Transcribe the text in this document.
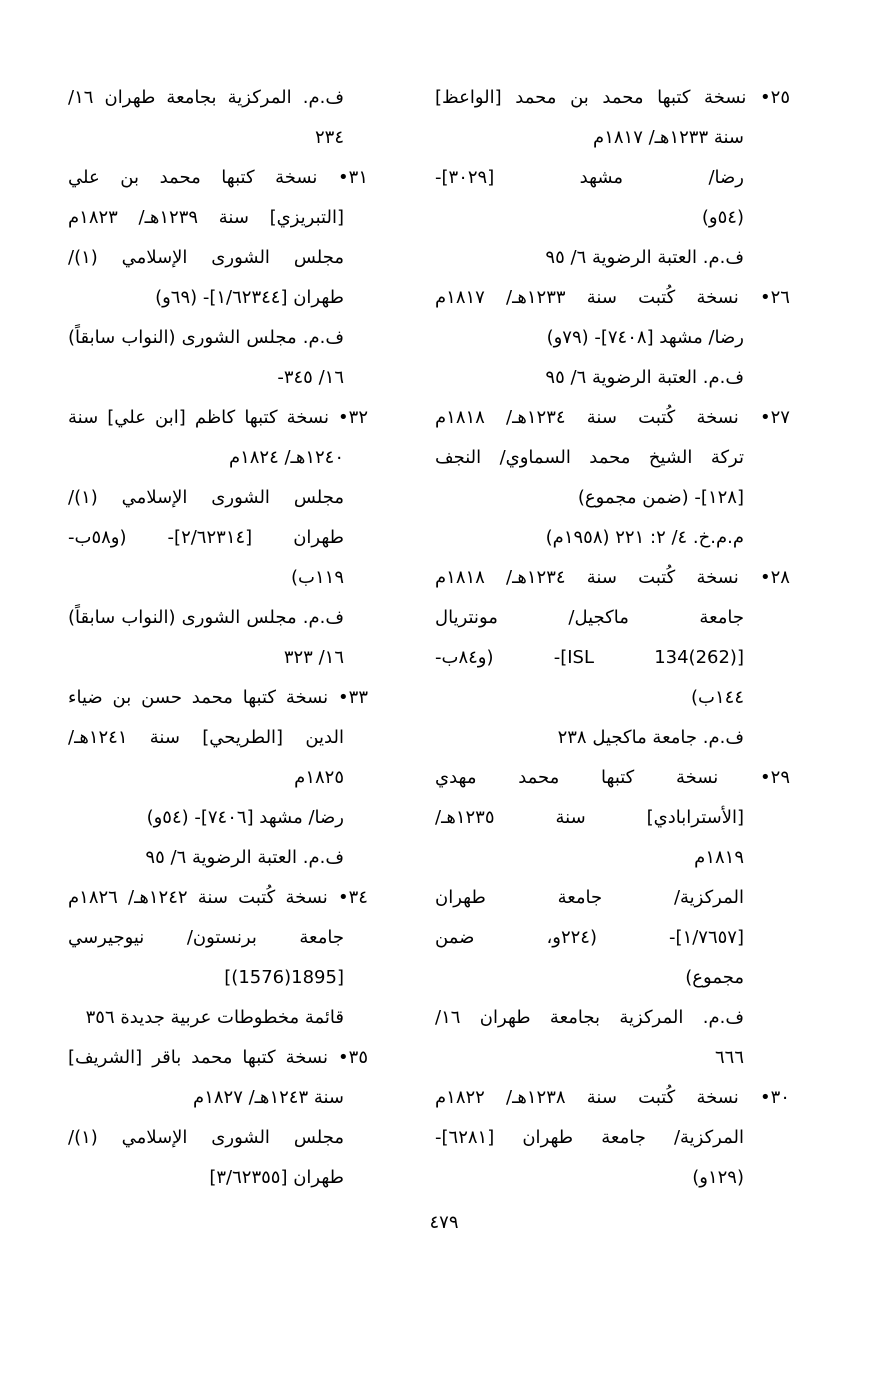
٢٥• نسخة كتبها محمد بن محمد [الواعظ]
سنة ١٢٣٣هـ/ ١٨١٧م
رضا/ مشهد [٣٠٢٩]-
(٥٤و)
ف.م. العتبة الرضوية ٦/ ٩٥
٢٦• نسخة كُتبت سنة ١٢٣٣هـ/ ١٨١٧م
رضا/ مشهد [٧٤٠٨]- (٧٩و)
ف.م. العتبة الرضوية ٦/ ٩٥
٢٧• نسخة كُتبت سنة ١٢٣٤هـ/ ١٨١٨م
تركة الشيخ محمد السماوي/ النجف
[١٢٨]- (ضمن مجموع)
م.م.خ. ٤/ ٢: ٢٢١ (١٩٥٨م)
٢٨• نسخة كُتبت سنة ١٢٣٤هـ/ ١٨١٨م
جامعة ماكجيل/ مونتريال
[ISL 134(262)]- (و٨٤ب-
١٤٤ب)
ف.م. جامعة ماكجيل ٢٣٨
٢٩• نسخة كتبها محمد مهدي
[الأسترابادي] سنة ١٢٣٥هـ/
١٨١٩م
المركزية/ جامعة طهران
[١/٧٦٥٧]- (٢٢٤و، ضمن
مجموع)
ف.م. المركزية بجامعة طهران ١٦/
٦٦٦
٣٠• نسخة كُتبت سنة ١٢٣٨هـ/ ١٨٢٢م
المركزية/ جامعة طهران [٦٢٨١]-
(١٢٩و)
ف.م. المركزية بجامعة طهران ١٦/
٢٣٤
٣١• نسخة كتبها محمد بن علي
[التبريزي] سنة ١٢٣٩هـ/ ١٨٢٣م
مجلس الشورى الإسلامي (١)/
طهران [١/٦٢٣٤٤]- (٦٩و)
ف.م. مجلس الشورى (النواب سابقاً)
١٦/ ٣٤٥-
٣٢• نسخة كتبها كاظم [ابن علي] سنة
١٢٤٠هـ/ ١٨٢٤م
مجلس الشورى الإسلامي (١)/
طهران [٢/٦٢٣١٤]- (و٥٨ب-
١١٩ب)
ف.م. مجلس الشورى (النواب سابقاً)
١٦/ ٣٢٣
٣٣• نسخة كتبها محمد حسن بن ضياء
الدين [الطريحي] سنة ١٢٤١هـ/
١٨٢٥م
رضا/ مشهد [٧٤٠٦]- (٥٤و)
ف.م. العتبة الرضوية ٦/ ٩٥
٣٤• نسخة كُتبت سنة ١٢٤٢هـ/ ١٨٢٦م
جامعة برنستون/ نيوجيرسي
[1895(1576)]
قائمة مخطوطات عربية جديدة ٣٥٦
٣٥• نسخة كتبها محمد باقر [الشريف]
سنة ١٢٤٣هـ/ ١٨٢٧م
مجلس الشورى الإسلامي (١)/
طهران [٣/٦٢٣٥٥]
٤٧٩
